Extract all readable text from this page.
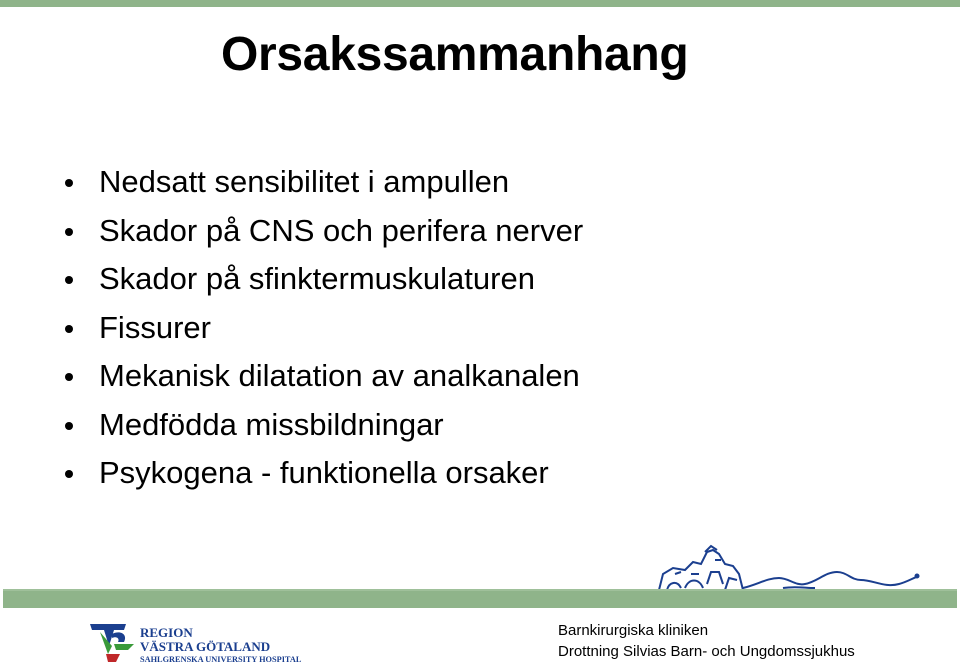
Orsakssammanhang
Nedsatt sensibilitet i ampullen
Skador på CNS och perifera nerver
Skador på sfinktermuskulaturen
Fissurer
Mekanisk dilatation av analkanalen
Medfödda missbildningar
Psykogena - funktionella orsaker
REGION
VÄSTRA GÖTALAND
SAHLGRENSKA UNIVERSITY HOSPITAL
Barnkirurgiska kliniken
Drottning Silvias Barn- och Ungdomssjukhus
